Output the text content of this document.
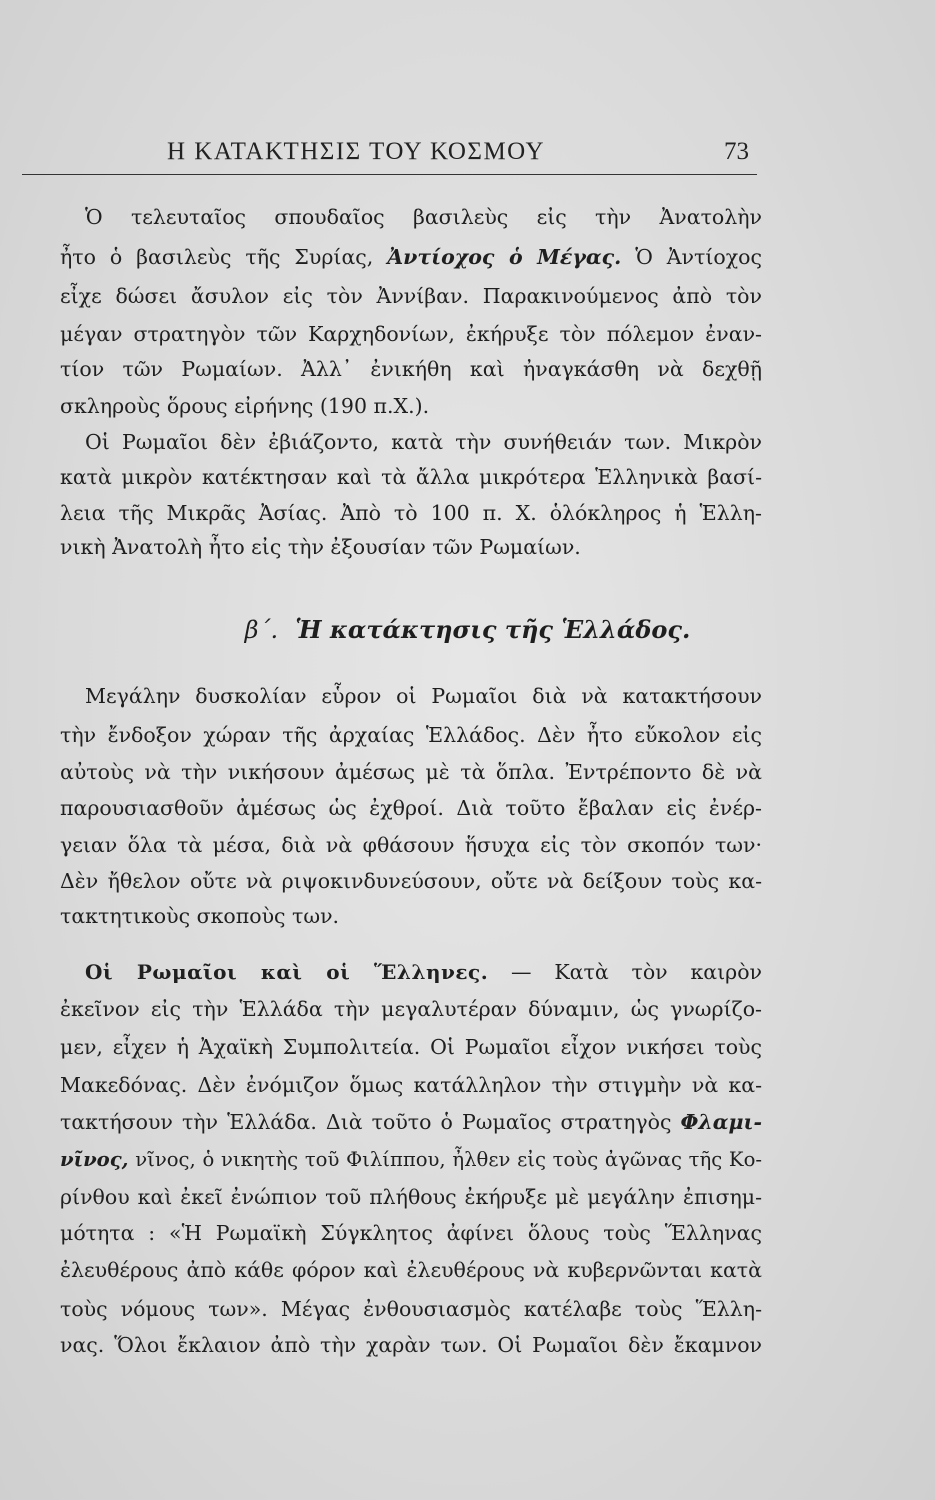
Η ΚΑΤΑΚΤΗΣΙΣ ΤΟΥ ΚΟΣΜΟΥ	73
Ὁ τελευταῖος σπουδαῖος βασιλεὺς εἰς τὴν Ἀνατολὴν
ἦτο ὁ βασιλεὺς τῆς Συρίας, Ἀντίοχος ὁ Μέγας. Ὁ Ἀντίοχος
εἶχε δώσει ἄσυλον εἰς τὸν Ἀννίβαν. Παρακινούμενος ἀπὸ τὸν
μέγαν στρατηγὸν τῶν Καρχηδονίων, ἐκήρυξε τὸν πόλεμον ἐναν-
τίον τῶν Ρωμαίων. Ἀλλ᾽ ἐνικήθη καὶ ἠναγκάσθη νὰ δεχθῇ
σκληροὺς ὅρους εἰρήνης (190 π.Χ.).
Οἱ Ρωμαῖοι δὲν ἐβιάζοντο, κατὰ τὴν συνήθειάν των. Μικρὸν
κατὰ μικρὸν κατέκτησαν καὶ τὰ ἄλλα μικρότερα Ἑλληνικὰ βασί-
λεια τῆς Μικρᾶς Ἀσίας. Ἀπὸ τὸ 100 π. Χ. ὁλόκληρος ἡ Ἑλλη-
νικὴ Ἀνατολὴ ἦτο εἰς τὴν ἐξουσίαν τῶν Ρωμαίων.
β΄. Ἡ κατάκτησις τῆς Ἑλλάδος.
Μεγάλην δυσκολίαν εὗρον οἱ Ρωμαῖοι διὰ νὰ κατακτήσουν
τὴν ἔνδοξον χώραν τῆς ἀρχαίας Ἑλλάδος. Δὲν ἦτο εὔκολον εἰς
αὐτοὺς νὰ τὴν νικήσουν ἀμέσως μὲ τὰ ὅπλα. Ἐντρέποντο δὲ νὰ
παρουσιασθοῦν ἀμέσως ὡς ἐχθροί. Διὰ τοῦτο ἔβαλαν εἰς ἐνέρ-
γειαν ὅλα τὰ μέσα, διὰ νὰ φθάσουν ἥσυχα εἰς τὸν σκοπόν των·
Δὲν ἤθελον οὔτε νὰ ριψοκινδυνεύσουν, οὔτε νὰ δείξουν τοὺς κα-
τακτητικοὺς σκοποὺς των.
Οἱ Ρωμαῖοι καὶ οἱ Ἕλληνες. — Κατὰ τὸν καιρὸν
ἐκεῖνον εἰς τὴν Ἑλλάδα τὴν μεγαλυτέραν δύναμιν, ὡς γνωρίζο-
μεν, εἶχεν ἡ Ἀχαϊκὴ Συμπολιτεία. Οἱ Ρωμαῖοι εἶχον νικήσει τοὺς
Μακεδόνας. Δὲν ἐνόμιζον ὅμως κατάλληλον τὴν στιγμὴν νὰ κα-
τακτήσουν τὴν Ἑλλάδα. Διὰ τοῦτο ὁ Ρωμαῖος στρατηγὸς Φλαμι-
νῖνος, νῖνος, ὁ νικητὴς τοῦ Φιλίππου, ἦλθεν εἰς τοὺς ἀγῶνας τῆς Κο-
ρίνθου καὶ ἐκεῖ ἐνώπιον τοῦ πλήθους ἐκήρυξε μὲ μεγάλην ἐπισημ-
μότητα : «Ἡ Ρωμαϊκὴ Σύγκλητος ἀφίνει ὅλους τοὺς Ἕλληνας
ἐλευθέρους ἀπὸ κάθε φόρον καὶ ἐλευθέρους νὰ κυβερνῶνται κατὰ
τοὺς νόμους των». Μέγας ἐνθουσιασμὸς κατέλαβε τοὺς Ἕλλη-
νας. Ὅλοι ἔκλαιον ἀπὸ τὴν χαρὰν των. Οἱ Ρωμαῖοι δὲν ἔκαμνον
